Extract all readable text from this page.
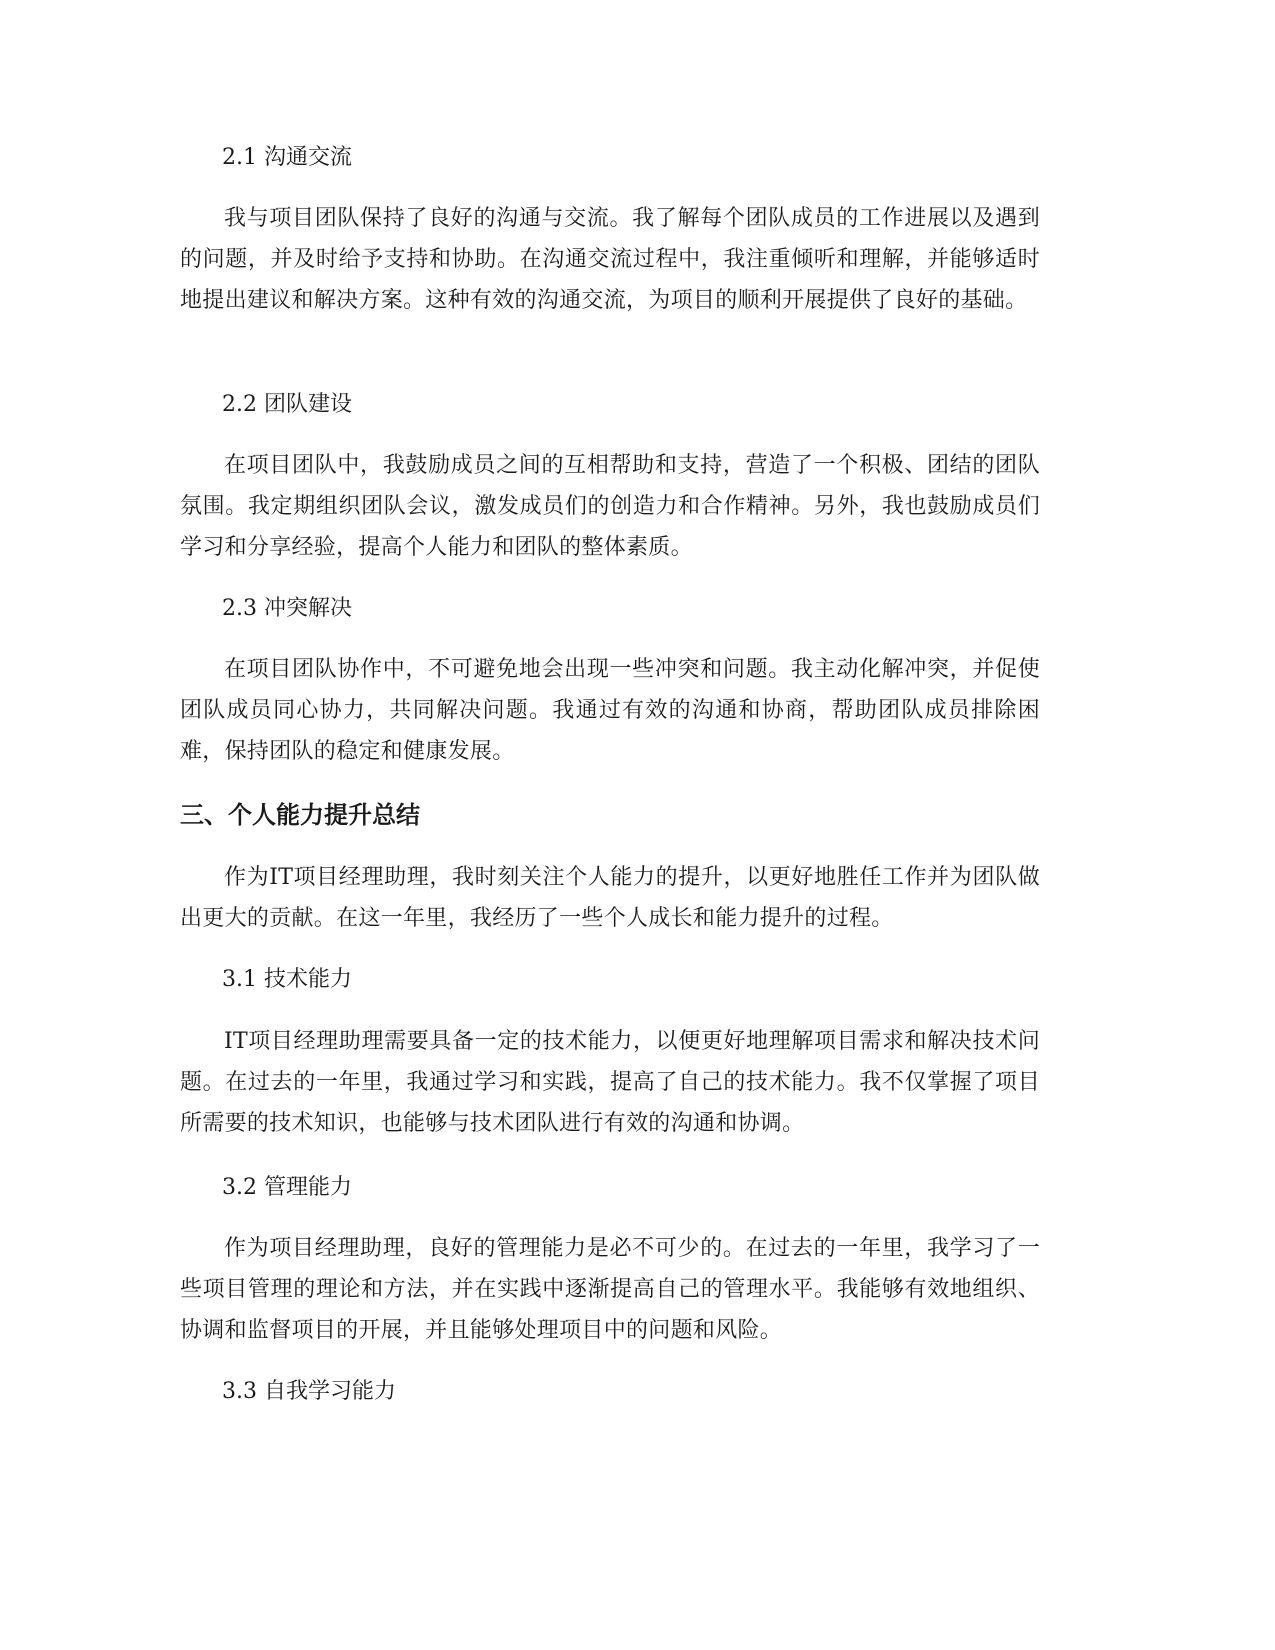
2.1 沟通交流

我与项目团队保持了良好的沟通与交流。我了解每个团队成员的工作进展以及遇到的问题，并及时给予支持和协助。在沟通交流过程中，我注重倾听和理解，并能够适时地提出建议和解决方案。这种有效的沟通交流，为项目的顺利开展提供了良好的基础。

2.2 团队建设

在项目团队中，我鼓励成员之间的互相帮助和支持，营造了一个积极、团结的团队氛围。我定期组织团队会议，激发成员们的创造力和合作精神。另外，我也鼓励成员们学习和分享经验，提高个人能力和团队的整体素质。

2.3 冲突解决

在项目团队协作中，不可避免地会出现一些冲突和问题。我主动化解冲突，并促使团队成员同心协力，共同解决问题。我通过有效的沟通和协商，帮助团队成员排除困难，保持团队的稳定和健康发展。

三、个人能力提升总结

作为IT项目经理助理，我时刻关注个人能力的提升，以更好地胜任工作并为团队做出更大的贡献。在这一年里，我经历了一些个人成长和能力提升的过程。

3.1 技术能力

IT项目经理助理需要具备一定的技术能力，以便更好地理解项目需求和解决技术问题。在过去的一年里，我通过学习和实践，提高了自己的技术能力。我不仅掌握了项目所需要的技术知识，也能够与技术团队进行有效的沟通和协调。

3.2 管理能力

作为项目经理助理，良好的管理能力是必不可少的。在过去的一年里，我学习了一些项目管理的理论和方法，并在实践中逐渐提高自己的管理水平。我能够有效地组织、协调和监督项目的开展，并且能够处理项目中的问题和风险。

3.3 自我学习能力
